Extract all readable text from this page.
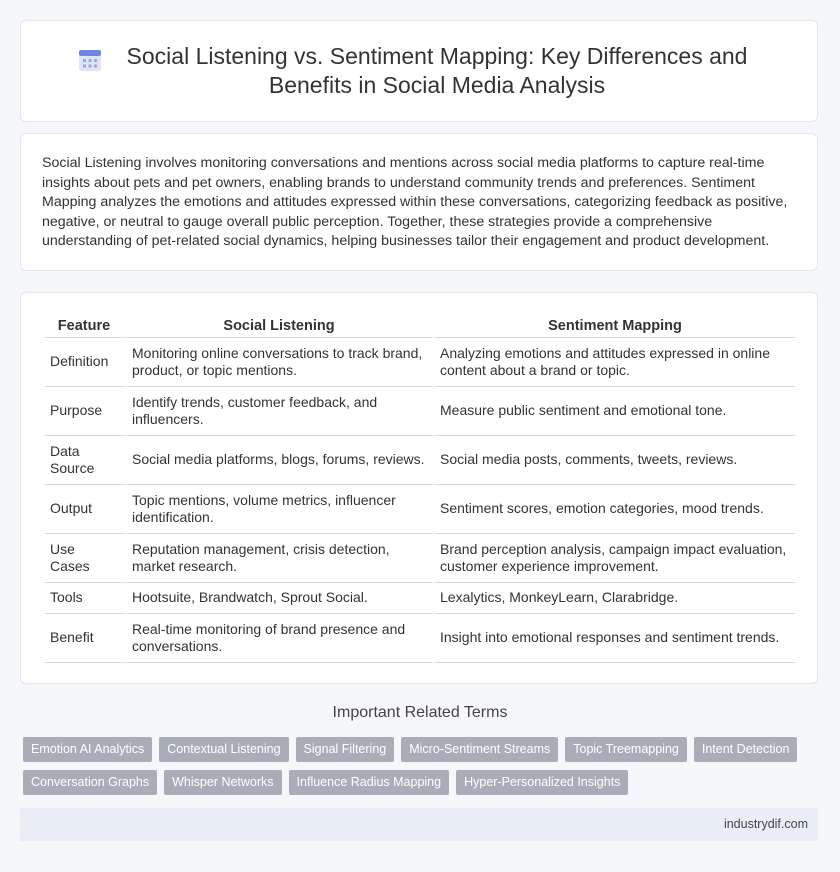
Social Listening vs. Sentiment Mapping: Key Differences and Benefits in Social Media Analysis
Social Listening involves monitoring conversations and mentions across social media platforms to capture real-time insights about pets and pet owners, enabling brands to understand community trends and preferences. Sentiment Mapping analyzes the emotions and attitudes expressed within these conversations, categorizing feedback as positive, negative, or neutral to gauge overall public perception. Together, these strategies provide a comprehensive understanding of pet-related social dynamics, helping businesses tailor their engagement and product development.
Feature	Social Listening	Sentiment Mapping
Definition	Monitoring online conversations to track brand, product, or topic mentions.	Analyzing emotions and attitudes expressed in online content about a brand or topic.
Purpose	Identify trends, customer feedback, and influencers.	Measure public sentiment and emotional tone.
Data Source	Social media platforms, blogs, forums, reviews.	Social media posts, comments, tweets, reviews.
Output	Topic mentions, volume metrics, influencer identification.	Sentiment scores, emotion categories, mood trends.
Use Cases	Reputation management, crisis detection, market research.	Brand perception analysis, campaign impact evaluation, customer experience improvement.
Tools	Hootsuite, Brandwatch, Sprout Social.	Lexalytics, MonkeyLearn, Clarabridge.
Benefit	Real-time monitoring of brand presence and conversations.	Insight into emotional responses and sentiment trends.
Important Related Terms
Emotion AI Analytics	Contextual Listening	Signal Filtering	Micro-Sentiment Streams	Topic Treemapping	Intent Detection
Conversation Graphs	Whisper Networks	Influence Radius Mapping	Hyper-Personalized Insights
industrydif.com
